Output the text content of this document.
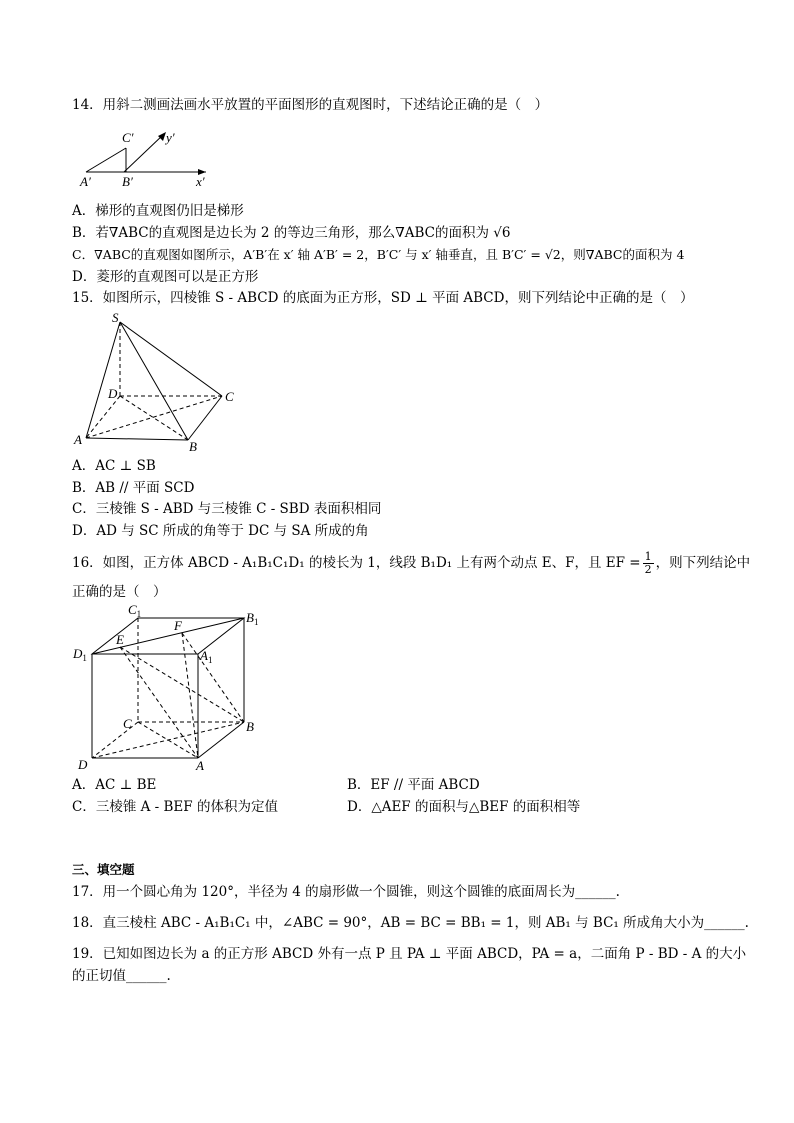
14．用斜二测画法画水平放置的平面图形的直观图时，下述结论正确的是（　）
C′ y′
A′ B′	x′
A．梯形的直观图仍旧是梯形
B．若∇ABC的直观图是边长为 2 的等边三角形，那么∇ABC的面积为 √6
C．∇ABC的直观图如图所示，A′B′在 x′ 轴 A′B′ = 2，B′C′ 与 x′ 轴垂直，且 B′C′ = √2，则∇ABC的面积为 4
D．菱形的直观图可以是正方形
15．如图所示，四棱锥 S - ABCD 的底面为正方形，SD ⊥ 平面 ABCD，则下列结论中正确的是（　）
S
D	C
A	B
A．AC ⊥ SB
B．AB // 平面 SCD
C．三棱锥 S - ABD 与三棱锥 C - SBD 表面积相同
D．AD 与 SC 所成的角等于 DC 与 SA 所成的角
16．如图，正方体 ABCD - A₁B₁C₁D₁ 的棱长为 1，线段 B₁D₁ 上有两个动点 E、F，且 EF = $\frac{1}{2}$ ，则下列结论中
正确的是（　）
$C_1$	$B_1$
E
F
$D_1$	$A_1$
C	B
D	A
A．AC ⊥ BE	B．EF // 平面 ABCD
C．三棱锥 A - BEF 的体积为定值	D．△AEF 的面积与△BEF 的面积相等
三、填空题
17．用一个圆心角为 120°，半径为 4 的扇形做一个圆锥，则这个圆锥的底面周长为______.
18．直三棱柱 ABC - A₁B₁C₁ 中，∠ABC = 90°，AB = BC = BB₁ = 1，则 AB₁ 与 BC₁ 所成角大小为______.
19．已知如图边长为 a 的正方形 ABCD 外有一点 P 且 PA ⊥ 平面 ABCD，PA = a，二面角 P - BD - A 的大小
的正切值______.
